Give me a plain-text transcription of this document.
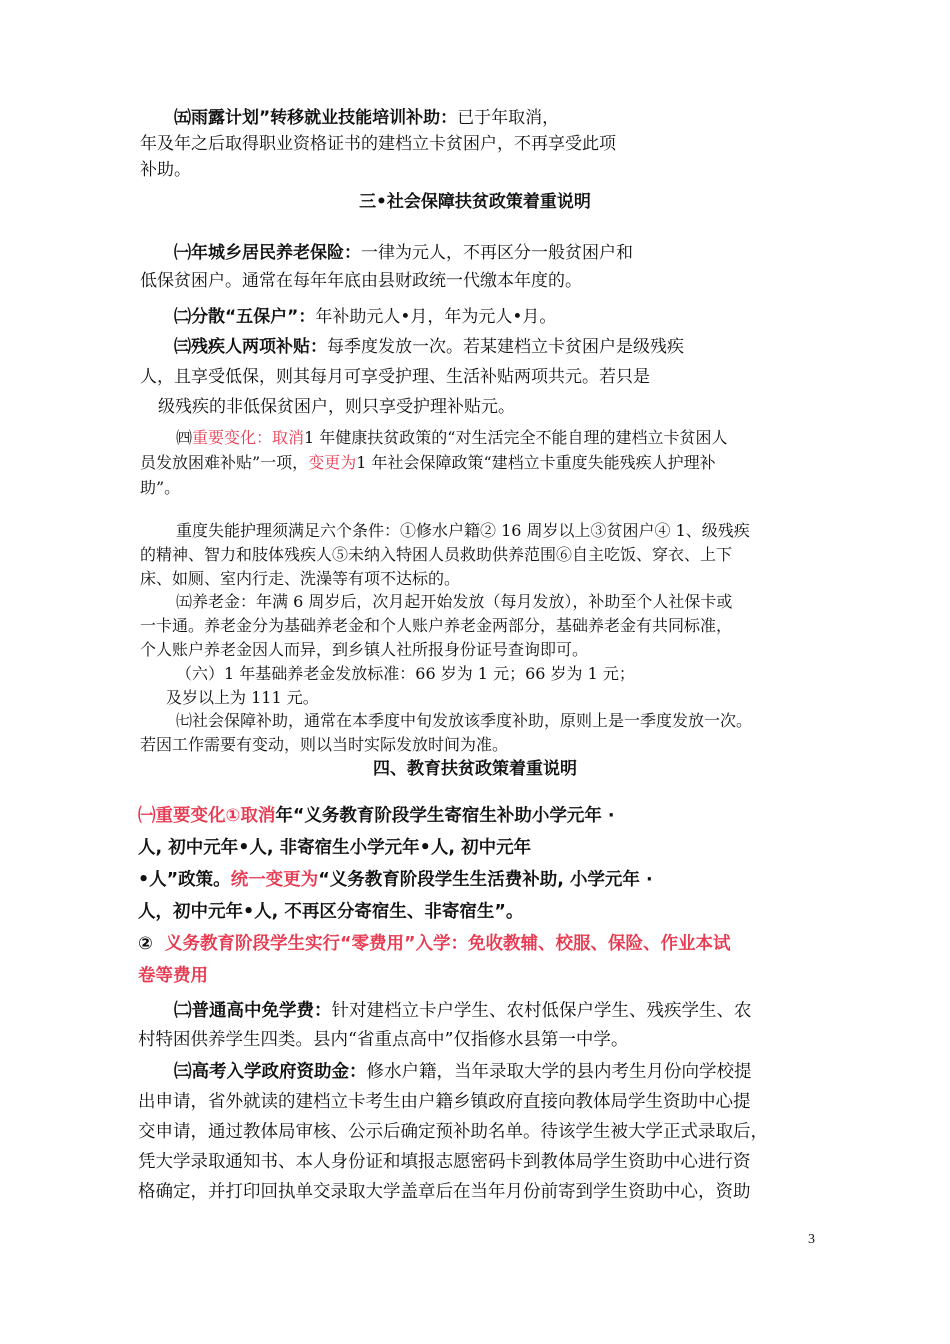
㈤雨露计划”转移就业技能培训补助：已于年取消，
年及年之后取得职业资格证书的建档立卡贫困户，不再享受此项
补助。
三•社会保障扶贫政策着重说明
㈠年城乡居民养老保险：一律为元人，不再区分一般贫困户和
低保贫困户。通常在每年年底由县财政统一代缴本年度的。
㈡分散“五保户”：年补助元人•月，年为元人•月。
㈢残疾人两项补贴：每季度发放一次。若某建档立卡贫困户是级残疾
人，且享受低保，则其每月可享受护理、生活补贴两项共元。若只是
级残疾的非低保贫困户，则只享受护理补贴元。
㈣重要变化：取消1 年健康扶贫政策的“对生活完全不能自理的建档立卡贫困人
员发放困难补贴”一项，变更为1 年社会保障政策“建档立卡重度失能残疾人护理补
助”。
重度失能护理须满足六个条件：①修水户籍② 16 周岁以上③贫困户④ 1、级残疾
的精神、智力和肢体残疾人⑤未纳入特困人员救助供养范围⑥自主吃饭、穿衣、上下
床、如厕、室内行走、洗澡等有项不达标的。
㈤养老金：年满 6 周岁后，次月起开始发放（每月发放），补助至个人社保卡或
一卡通。养老金分为基础养老金和个人账户养老金两部分，基础养老金有共同标准，
个人账户养老金因人而异，到乡镇人社所报身份证号查询即可。
（六）1 年基础养老金发放标准：66 岁为 1 元；66 岁为 1 元；
及岁以上为 111 元。
㈦社会保障补助，通常在本季度中旬发放该季度补助，原则上是一季度发放一次。
若因工作需要有变动，则以当时实际发放时间为准。
四、教育扶贫政策着重说明
㈠重要变化①取消年“义务教育阶段学生寄宿生补助小学元年 ·
人, 初中元年•人, 非寄宿生小学元年•人, 初中元年
•人”政策。统一变更为“义务教育阶段学生生活费补助, 小学元年 ·
人，初中元年•人, 不再区分寄宿生、非寄宿生”。
② 义务教育阶段学生实行“零费用”入学：免收教辅、校服、保险、作业本试
卷等费用
㈡普通高中免学费：针对建档立卡户学生、农村低保户学生、残疾学生、农
村特困供养学生四类。县内“省重点高中”仅指修水县第一中学。
㈢高考入学政府资助金：修水户籍，当年录取大学的县内考生月份向学校提
出申请，省外就读的建档立卡考生由户籍乡镇政府直接向教体局学生资助中心提
交申请，通过教体局审核、公示后确定预补助名单。待该学生被大学正式录取后，
凭大学录取通知书、本人身份证和填报志愿密码卡到教体局学生资助中心进行资
格确定，并打印回执单交录取大学盖章后在当年月份前寄到学生资助中心，资助
3
